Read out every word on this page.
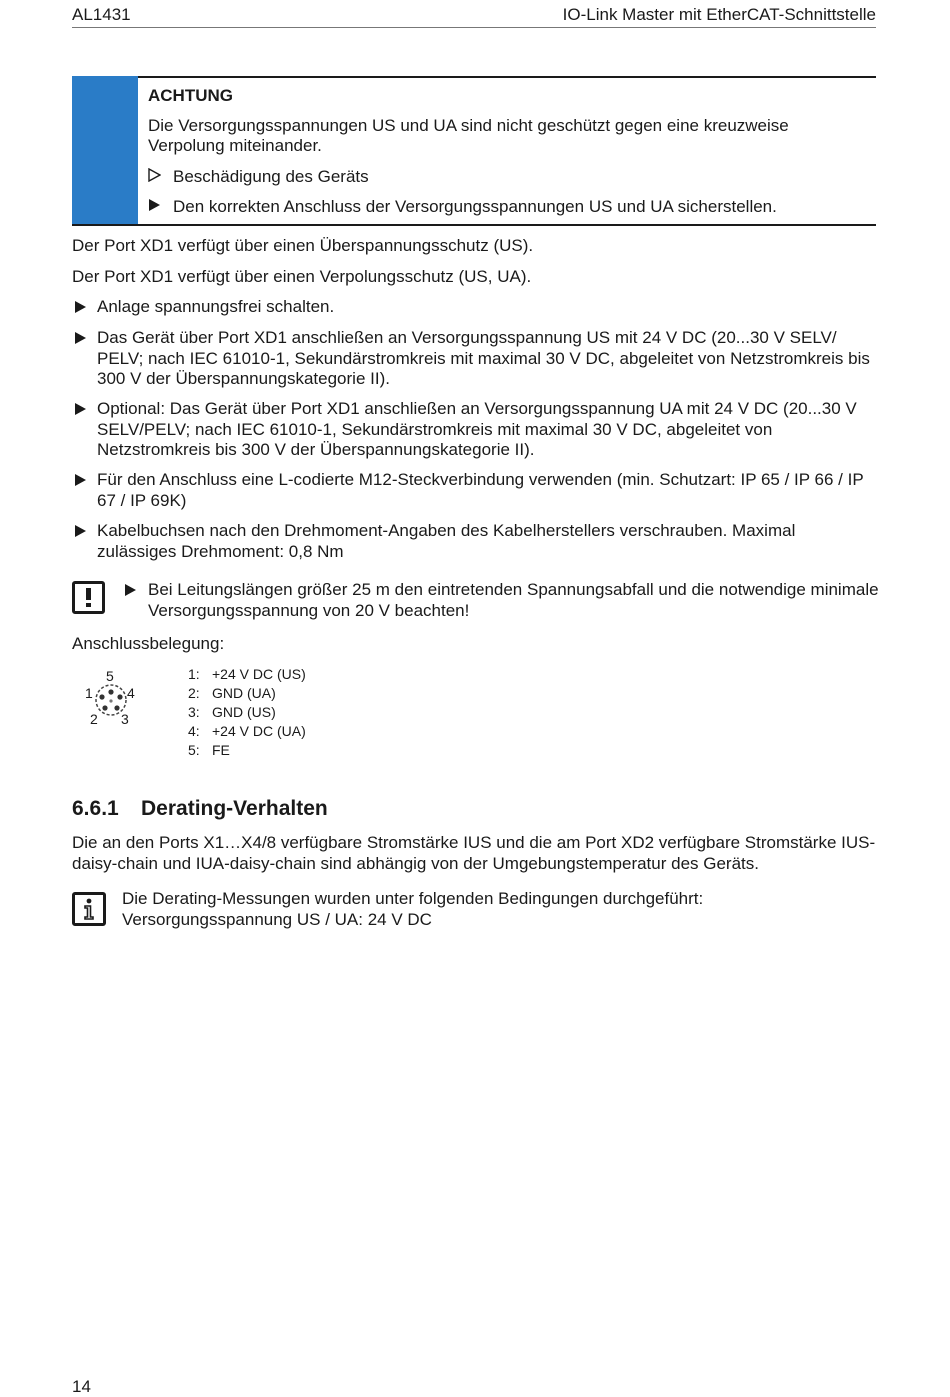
AL1431	IO-Link Master mit EtherCAT-Schnittstelle
ACHTUNG
Die Versorgungsspannungen US und UA sind nicht geschützt gegen eine kreuzweise Verpolung miteinander.
Beschädigung des Geräts
Den korrekten Anschluss der Versorgungsspannungen US und UA sicherstellen.
Der Port XD1 verfügt über einen Überspannungsschutz (US).
Der Port XD1 verfügt über einen Verpolungsschutz (US, UA).
Anlage spannungsfrei schalten.
Das Gerät über Port XD1 anschließen an Versorgungsspannung US mit 24 V DC (20...30 V SELV/ PELV; nach IEC 61010-1, Sekundärstromkreis mit maximal 30 V DC, abgeleitet von Netzstromkreis bis 300 V der Überspannungskategorie II).
Optional: Das Gerät über Port XD1 anschließen an Versorgungsspannung UA mit 24 V DC (20...30 V SELV/PELV; nach IEC 61010-1, Sekundärstromkreis mit maximal 30 V DC, abgeleitet von Netzstromkreis bis 300 V der Überspannungskategorie II).
Für den Anschluss eine L-codierte M12-Steckverbindung verwenden (min. Schutzart: IP 65 / IP 66 / IP 67 / IP 69K)
Kabelbuchsen nach den Drehmoment-Angaben des Kabelherstellers verschrauben. Maximal zulässiges Drehmoment: 0,8 Nm
Bei Leitungslängen größer 25 m den eintretenden Spannungsabfall und die notwendige minimale Versorgungsspannung von 20 V beachten!
Anschlussbelegung:
5
1 4
2 3
1: +24 V DC (US)
2: GND (UA)
3: GND (US)
4: +24 V DC (UA)
5: FE
6.6.1 Derating-Verhalten
Die an den Ports X1…X4/8 verfügbare Stromstärke IUS und die am Port XD2 verfügbare Stromstärke IUS-daisy-chain und IUA-daisy-chain sind abhängig von der Umgebungstemperatur des Geräts.
Die Derating-Messungen wurden unter folgenden Bedingungen durchgeführt:
Versorgungsspannung US / UA: 24 V DC
14
